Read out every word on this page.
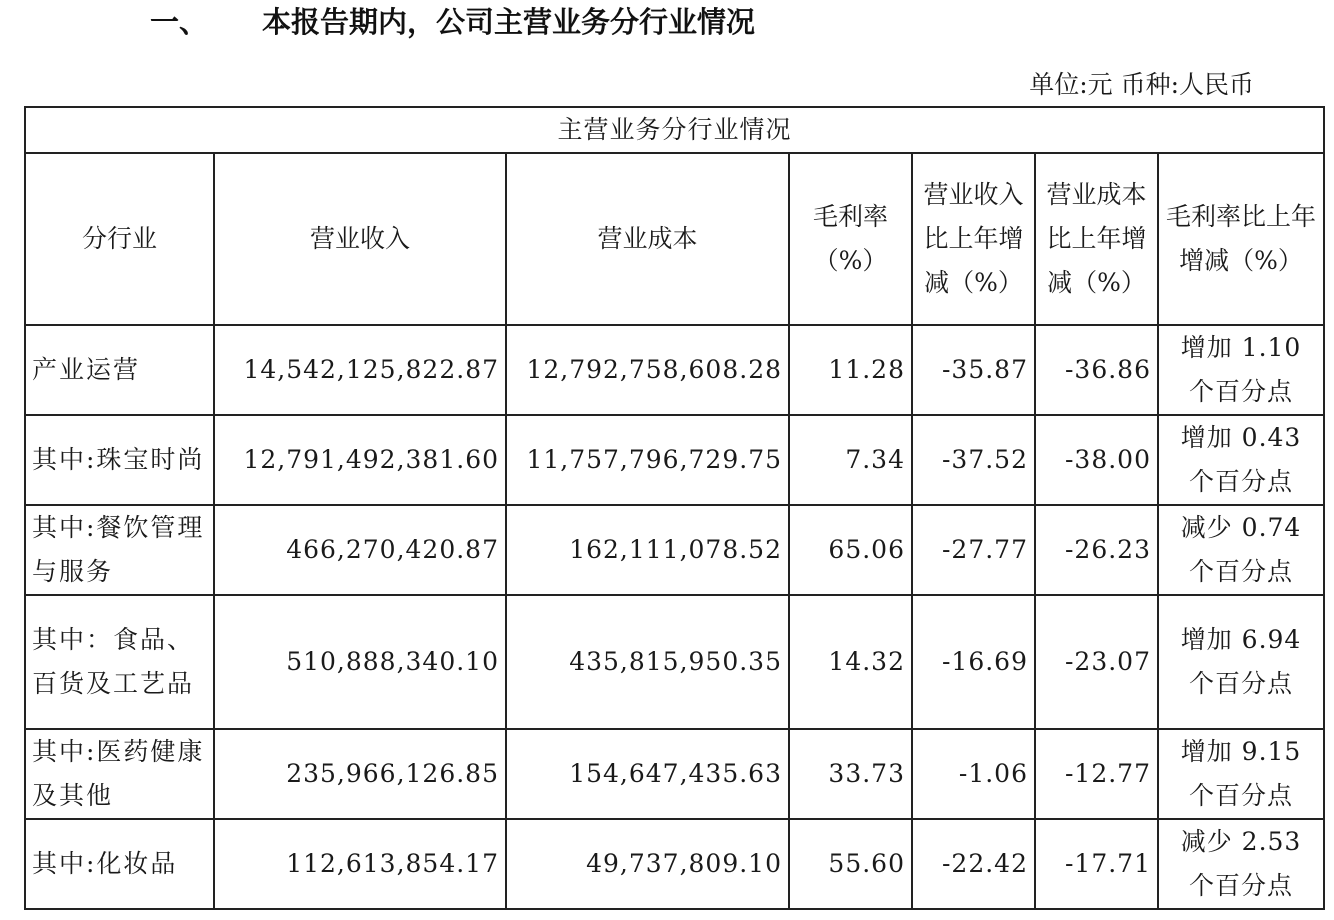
一、	本报告期内，公司主营业务分行业情况
单位:元 币种:人民币
主营业务分行业情况						
分行业	营业收入	营业成本	毛利率（%）	营业收入比上年增减（%）	营业成本比上年增减（%）	毛利率比上年增减（%）
产业运营	14,542,125,822.87	12,792,758,608.28	11.28	-35.87	-36.86	增加 1.10 个百分点
其中:珠宝时尚	12,791,492,381.60	11,757,796,729.75	7.34	-37.52	-38.00	增加 0.43 个百分点
其中:餐饮管理与服务	466,270,420.87	162,111,078.52	65.06	-27.77	-26.23	减少 0.74 个百分点
其中：食品、百货及工艺品	510,888,340.10	435,815,950.35	14.32	-16.69	-23.07	增加 6.94 个百分点
其中:医药健康及其他	235,966,126.85	154,647,435.63	33.73	-1.06	-12.77	增加 9.15 个百分点
其中:化妆品	112,613,854.17	49,737,809.10	55.60	-22.42	-17.71	减少 2.53 个百分点
